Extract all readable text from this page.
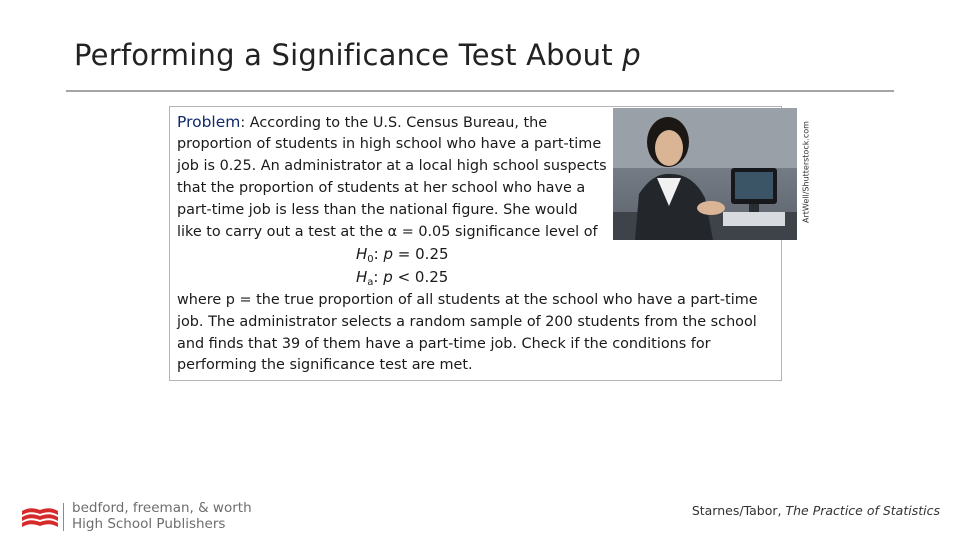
Performing a Significance Test About p
Problem: According to the U.S. Census Bureau, the
proportion of students in high school who have a part-time
job is 0.25. An administrator at a local high school suspects
that the proportion of students at her school who have a
part-time job is less than the national figure. She would
like to carry out a test at the α = 0.05 significance level of
$H_0$: p = 0.25
$H_a$: p < 0.25
where p = the true proportion of all students at the school who have a part-time
job. The administrator selects a random sample of 200 students from the school
and finds that 39 of them have a part-time job. Check if the conditions for
performing the significance test are met.
ArtWell/Shutterstock.com
bedford, freeman, & worth
High School Publishers
Starnes/Tabor, The Practice of Statistics
